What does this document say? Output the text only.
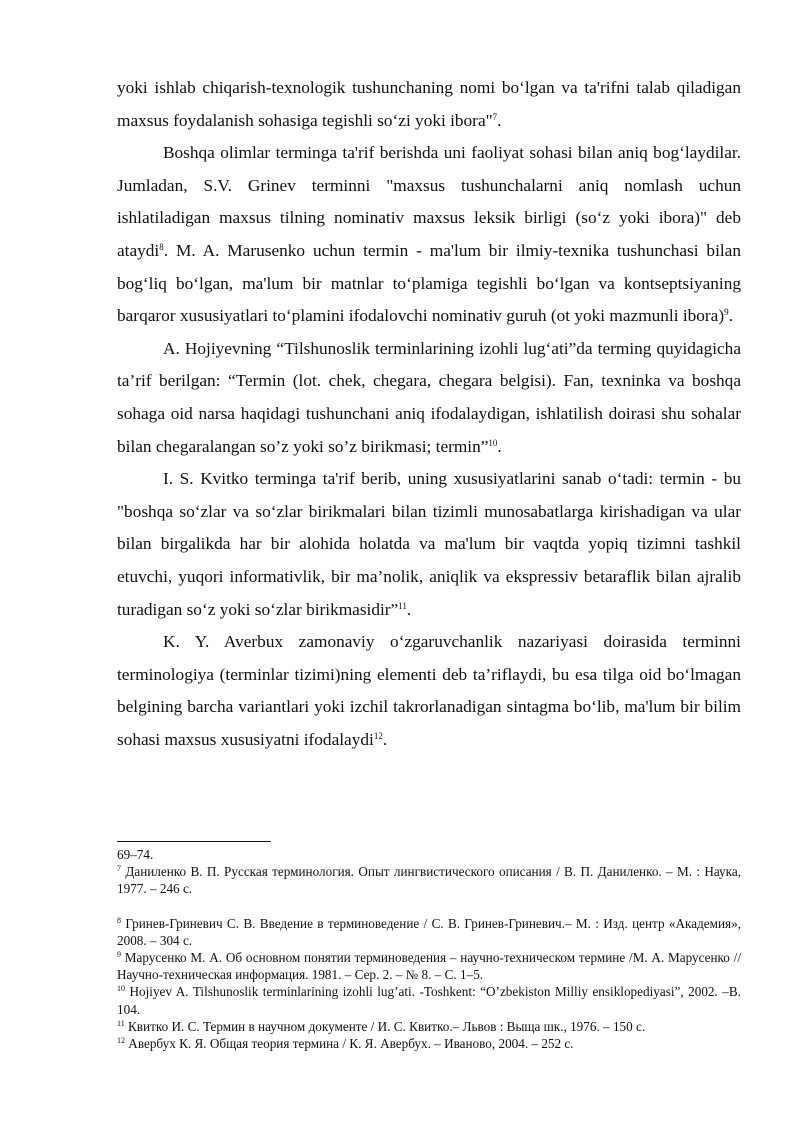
yoki ishlab chiqarish-texnologik tushunchaning nomi bo‘lgan va ta'rifni talab qiladigan maxsus foydalanish sohasiga tegishli so‘zi yoki ibora"$^7$.

Boshqa olimlar terminga ta'rif berishda uni faoliyat sohasi bilan aniq bog‘laydilar. Jumladan, S.V. Grinev terminni "maxsus tushunchalarni aniq nomlash uchun ishlatiladigan maxsus tilning nominativ maxsus leksik birligi (so‘z yoki ibora)" deb ataydi$^8$. M. A. Marusenko uchun termin - ma'lum bir ilmiy-texnika tushunchasi bilan bog‘liq bo‘lgan, ma'lum bir matnlar to‘plamiga tegishli bo‘lgan va kontseptsiyaning barqaror xususiyatlari to‘plamini ifodalovchi nominativ guruh (ot yoki mazmunli ibora)$^9$.

A. Hojiyevning “Tilshunoslik terminlarining izohli lug‘ati”da terming quyidagicha ta’rif berilgan: “Termin (lot. chek, chegara, chegara belgisi). Fan, texninka va boshqa sohaga oid narsa haqidagi tushunchani aniq ifodalaydigan, ishlatilish doirasi shu sohalar bilan chegaralangan so’z yoki so’z birikmasi; termin”$^{10}$.

I. S. Kvitko terminga ta'rif berib, uning xususiyatlarini sanab o‘tadi: termin - bu "boshqa so‘zlar va so‘zlar birikmalari bilan tizimli munosabatlarga kirishadigan va ular bilan birgalikda har bir alohida holatda va ma'lum bir vaqtda yopiq tizimni tashkil etuvchi, yuqori informativlik, bir ma’nolik, aniqlik va ekspressiv betaraflik bilan ajralib turadigan so‘z yoki so‘zlar birikmasidir”$^{11}$.

K. Y. Averbux zamonaviy o‘zgaruvchanlik nazariyasi doirasida terminni terminologiya (terminlar tizimi)ning elementi deb ta’riflaydi, bu esa tilga oid bo‘lmagan belgining barcha variantlari yoki izchil takrorlanadigan sintagma bo‘lib, ma'lum bir bilim sohasi maxsus xususiyatni ifodalaydi$^{12}$.

69–74.

$^7$ Даниленко В. П. Русская терминология. Опыт лингвистического описания / В. П. Даниленко. – М. : Наука, 1977. – 246 с.

$^8$ Гринев-Гриневич С. В. Введение в терминоведение / С. В. Гринев-Гриневич.– М. : Изд. центр «Академия», 2008. – 304 с.

$^9$ Марусенко М. А. Об основном понятии терминоведения – научно-техническом термине /М. А. Марусенко // Научно-техническая информация. 1981. – Сер. 2. – № 8. – С. 1–5.

$^{10}$ Hojiyev A. Tilshunoslik terminlarining izohli lug’ati. -Toshkent: “O’zbekiston Milliy ensiklopediyasi”, 2002. –B. 104.

$^{11}$ Квитко И. С. Термин в научном документе / И. С. Квитко.– Львов : Выща шк., 1976. – 150 с.

$^{12}$ Авербух К. Я. Общая теория термина / К. Я. Авербух. – Иваново, 2004. – 252 с.
